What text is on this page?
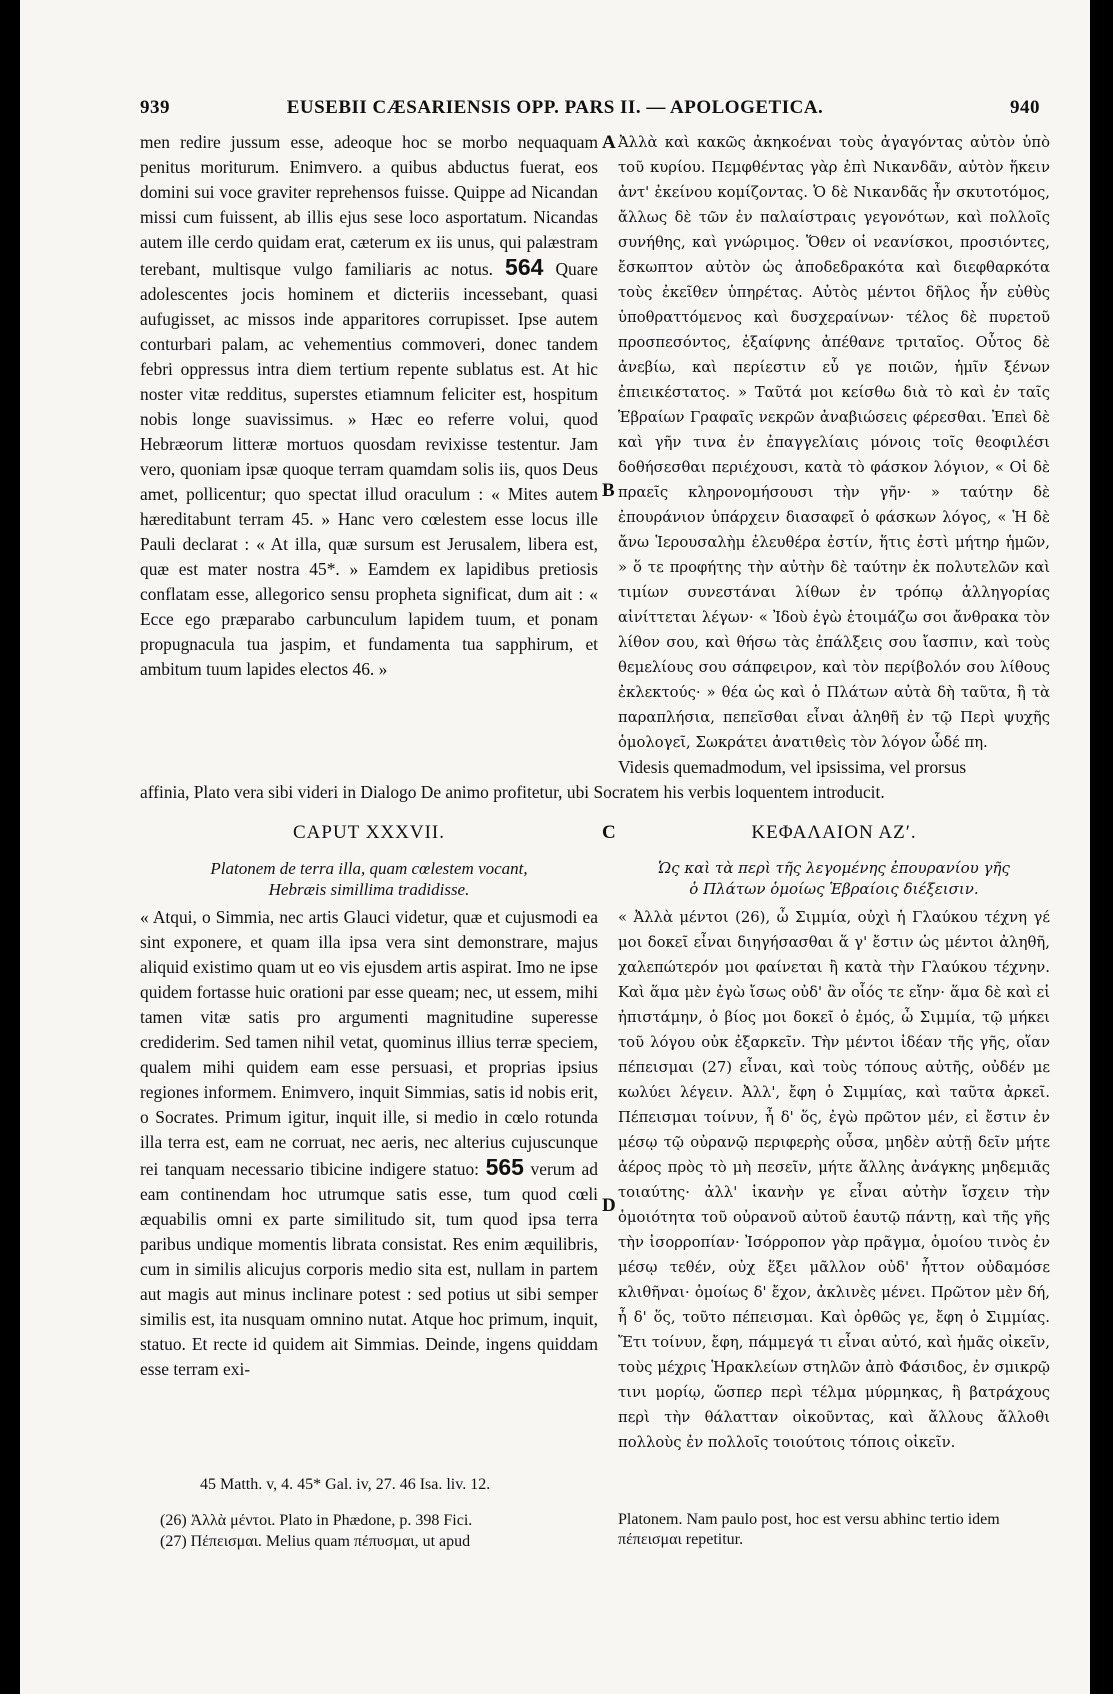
939	EUSEBII CÆSARIENSIS OPP. PARS II. — APOLOGETICA.	940
A
B
C
D

men redire jussum esse, adeoque hoc se morbo nequaquam penitus moriturum. Enimvero. a quibus abductus fuerat, eos domini sui voce graviter reprehensos fuisse. Quippe ad Nicandan missi cum fuissent, ab illis ejus sese loco asportatum. Nicandas autem ille cerdo quidam erat, cæterum ex iis unus, qui palæstram terebant, multisque vulgo familiaris ac notus. 564 Quare adolescentes jocis hominem et dicteriis incessebant, quasi aufugisset, ac missos inde apparitores corrupisset. Ipse autem conturbari palam, ac vehementius commoveri, donec tandem febri oppressus intra diem tertium repente sublatus est. At hic noster vitæ redditus, superstes etiamnum feliciter est, hospitum nobis longe suavissimus. » Hæc eo referre volui, quod Hebræorum litteræ mortuos quosdam revixisse testentur. Jam vero, quoniam ipsæ quoque terram quamdam solis iis, quos Deus amet, pollicentur; quo spectat illud oraculum : « Mites autem hæreditabunt terram 45. » Hanc vero cœlestem esse locus ille Pauli declarat : « At illa, quæ sursum est Jerusalem, libera est, quæ est mater nostra 45*. » Eamdem ex lapidibus pretiosis conflatam esse, allegorico sensu propheta significat, dum ait : « Ecce ego præparabo carbunculum lapidem tuum, et ponam propugnacula tua jaspim, et fundamenta tua sapphirum, et ambitum tuum lapides electos 46. »

Ἀλλὰ καὶ κακῶς ἀκηκοέναι τοὺς ἀγαγόντας αὐτὸν ὑπὸ τοῦ κυρίου. Πεμφθέντας γὰρ ἐπὶ Νικανδᾶν, αὐτὸν ἥκειν ἀντ' ἐκείνου κομίζοντας. Ὁ δὲ Νικανδᾶς ἦν σκυτοτόμος, ἄλλως δὲ τῶν ἐν παλαίστραις γεγονότων, καὶ πολλοῖς συνήθης, καὶ γνώριμος. Ὅθεν οἱ νεανίσκοι, προσιόντες, ἔσκωπτον αὐτὸν ὡς ἀποδεδρακότα καὶ διεφθαρκότα τοὺς ἐκεῖθεν ὑπηρέτας. Αὐτὸς μέντοι δῆλος ἦν εὐθὺς ὑποθραττόμενος καὶ δυσχεραίνων· τέλος δὲ πυρετοῦ προσπεσόντος, ἐξαίφνης ἀπέθανε τριταῖος. Οὗτος δὲ ἀνεβίω, καὶ περίεστιν εὖ γε ποιῶν, ἡμῖν ξένων ἐπιεικέστατος. » Ταῦτά μοι κείσθω διὰ τὸ καὶ ἐν ταῖς Ἑβραίων Γραφαῖς νεκρῶν ἀναβιώσεις φέρεσθαι. Ἐπεὶ δὲ καὶ γῆν τινα ἐν ἐπαγγελίαις μόνοις τοῖς θεοφιλέσι δοθήσεσθαι περιέχουσι, κατὰ τὸ φάσκον λόγιον, « Οἱ δὲ πραεῖς κληρονομήσουσι τὴν γῆν· » ταύτην δὲ ἐπουράνιον ὑπάρχειν διασαφεῖ ὁ φάσκων λόγος, « Ἡ δὲ ἄνω Ἱερουσαλὴμ ἐλευθέρα ἐστίν, ἥτις ἐστὶ μήτηρ ἡμῶν, » ὅ τε προφήτης τὴν αὐτὴν δὲ ταύτην ἐκ πολυτελῶν καὶ τιμίων συνεστάναι λίθων ἐν τρόπῳ ἀλληγορίας αἰνίττεται λέγων· « Ἰδοὺ ἐγὼ ἑτοιμάζω σοι ἄνθρακα τὸν λίθον σου, καὶ θήσω τὰς ἐπάλξεις σου ἴασπιν, καὶ τοὺς θεμελίους σου σάπφειρον, καὶ τὸν περίβολόν σου λίθους ἐκλεκτούς· » θέα ὡς καὶ ὁ Πλάτων αὐτὰ δὴ ταῦτα, ἢ τὰ παραπλήσια, πεπεῖσθαι εἶναι ἀληθῆ ἐν τῷ Περὶ ψυχῆς ὁμολογεῖ, Σωκράτει ἀνατιθεὶς τὸν λόγον ὧδέ πη.

Videsis quemadmodum, vel ipsissima, vel prorsus

affinia, Plato vera sibi videri in Dialogo De animo profitetur, ubi Socratem his verbis loquentem introducit.
CAPUT XXXVII.	ΚΕΦΑΛΑΙΟΝ ΑΖʹ.
Platonem de terra illa, quam cœlestem vocant,
Hebræis simillima tradidisse.
Ὡς καὶ τὰ περὶ τῆς λεγομένης ἐπουρανίου γῆς
ὁ Πλάτων ὁμοίως Ἑβραίοις διέξεισιν.

« Atqui, o Simmia, nec artis Glauci videtur, quæ et cujusmodi ea sint exponere, et quam illa ipsa vera sint demonstrare, majus aliquid existimo quam ut eo vis ejusdem artis aspirat. Imo ne ipse quidem fortasse huic orationi par esse queam; nec, ut essem, mihi tamen vitæ satis pro argumenti magnitudine superesse crediderim. Sed tamen nihil vetat, quominus illius terræ speciem, qualem mihi quidem eam esse persuasi, et proprias ipsius regiones informem. Enimvero, inquit Simmias, satis id nobis erit, o Socrates. Primum igitur, inquit ille, si medio in cœlo rotunda illa terra est, eam ne corruat, nec aeris, nec alterius cujuscunque rei tanquam necessario tibicine indigere statuo: 565 verum ad eam continendam hoc utrumque satis esse, tum quod cœli æquabilis omni ex parte similitudo sit, tum quod ipsa terra paribus undique momentis librata consistat. Res enim æquilibris, cum in similis alicujus corporis medio sita est, nullam in partem aut magis aut minus inclinare potest : sed potius ut sibi semper similis est, ita nusquam omnino nutat. Atque hoc primum, inquit, statuo. Et recte id quidem ait Simmias. Deinde, ingens quiddam esse terram exi-

« Ἀλλὰ μέντοι (26), ὦ Σιμμία, οὐχὶ ἡ Γλαύκου τέχνη γέ μοι δοκεῖ εἶναι διηγήσασθαι ἅ γ' ἔστιν ὡς μέντοι ἀληθῆ, χαλεπώτερόν μοι φαίνεται ἢ κατὰ τὴν Γλαύκου τέχνην. Καὶ ἅμα μὲν ἐγὼ ἴσως οὐδ' ἂν οἷός τε εἴην· ἅμα δὲ καὶ εἰ ἠπιστάμην, ὁ βίος μοι δοκεῖ ὁ ἐμός, ὦ Σιμμία, τῷ μήκει τοῦ λόγου οὐκ ἐξαρκεῖν. Τὴν μέντοι ἰδέαν τῆς γῆς, οἵαν πέπεισμαι (27) εἶναι, καὶ τοὺς τόπους αὐτῆς, οὐδέν με κωλύει λέγειν. Ἀλλ', ἔφη ὁ Σιμμίας, καὶ ταῦτα ἀρκεῖ. Πέπεισμαι τοίνυν, ἦ δ' ὅς, ἐγὼ πρῶτον μέν, εἰ ἔστιν ἐν μέσῳ τῷ οὐρανῷ περιφερὴς οὖσα, μηδὲν αὐτῇ δεῖν μήτε ἀέρος πρὸς τὸ μὴ πεσεῖν, μήτε ἄλλης ἀνάγκης μηδεμιᾶς τοιαύτης· ἀλλ' ἱκανὴν γε εἶναι αὐτὴν ἴσχειν τὴν ὁμοιότητα τοῦ οὐρανοῦ αὐτοῦ ἑαυτῷ πάντῃ, καὶ τῆς γῆς τὴν ἰσορροπίαν· Ἰσόρροπον γὰρ πρᾶγμα, ὁμοίου τινὸς ἐν μέσῳ τεθέν, οὐχ ἕξει μᾶλλον οὐδ' ἧττον οὐδαμόσε κλιθῆναι· ὁμοίως δ' ἔχον, ἀκλινὲς μένει. Πρῶτον μὲν δή, ἦ δ' ὅς, τοῦτο πέπεισμαι. Καὶ ὀρθῶς γε, ἔφη ὁ Σιμμίας. Ἔτι τοίνυν, ἔφη, πάμμεγά τι εἶναι αὐτό, καὶ ἡμᾶς οἰκεῖν, τοὺς μέχρις Ἡρακλείων στηλῶν ἀπὸ Φάσιδος, ἐν σμικρῷ τινι μορίῳ, ὥσπερ περὶ τέλμα μύρμηκας, ἢ βατράχους περὶ τὴν θάλατταν οἰκοῦντας, καὶ ἄλλους ἄλλοθι πολλοὺς ἐν πολλοῖς τοιούτοις τόποις οἰκεῖν.

45 Matth. v, 4. 45* Gal. iv, 27. 46 Isa. liv. 12.
(26) Ἀλλὰ μέντοι. Plato in Phædone, p. 398 Fici.
(27) Πέπεισμαι. Melius quam πέπυσμαι, ut apud
Platonem. Nam paulo post, hoc est versu abhinc tertio idem πέπεισμαι repetitur.
